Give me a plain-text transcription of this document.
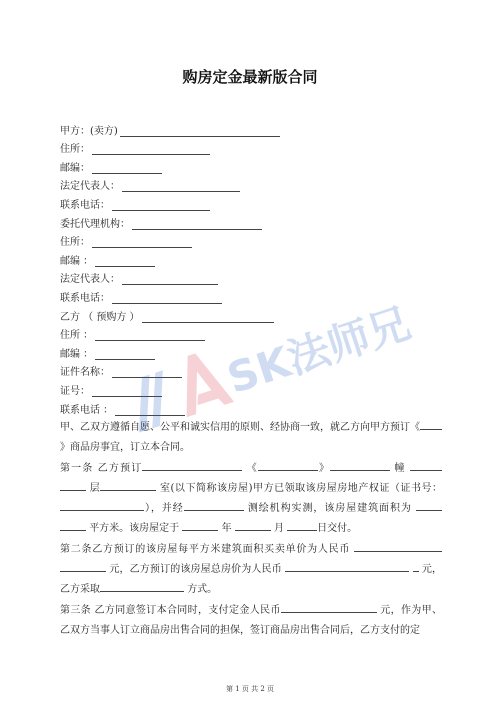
购房定金最新版合同
甲方：(卖方)
住所：
邮编：
法定代表人：
联系电话：
委托代理机构：
住所：
邮编 ：
法定代表人：
联系电话：
乙方 （ 预购方 ）
住所 ：
邮编 ：
证件名称：
证号：
联系电话 ：

甲、乙双方遵循自愿、公平和诚实信用的原则、经协商一致，就乙方向甲方预订《》商品房事宜，订立本合同。

第一条 乙方预订	《	》	幢   层	室(以下简称该房屋)甲方已领取该房屋房地产权证（证书号： ），并经	测绘机构实测，该房屋建筑面积为   平方米。该房屋定于	年	月	日交付。

第二条乙方预订的该房屋每平方米建筑面积买卖单价为人民币   元，乙方预订的该房屋总房价为人民币	元，乙方采取	方式。

第三条 乙方同意签订本合同时，支付定金人民币	元，作为甲、乙双方当事人订立商品房出售合同的担保，签订商品房出售合同后，乙方支付的定

SK法师兄
第 1 页 共 2 页
